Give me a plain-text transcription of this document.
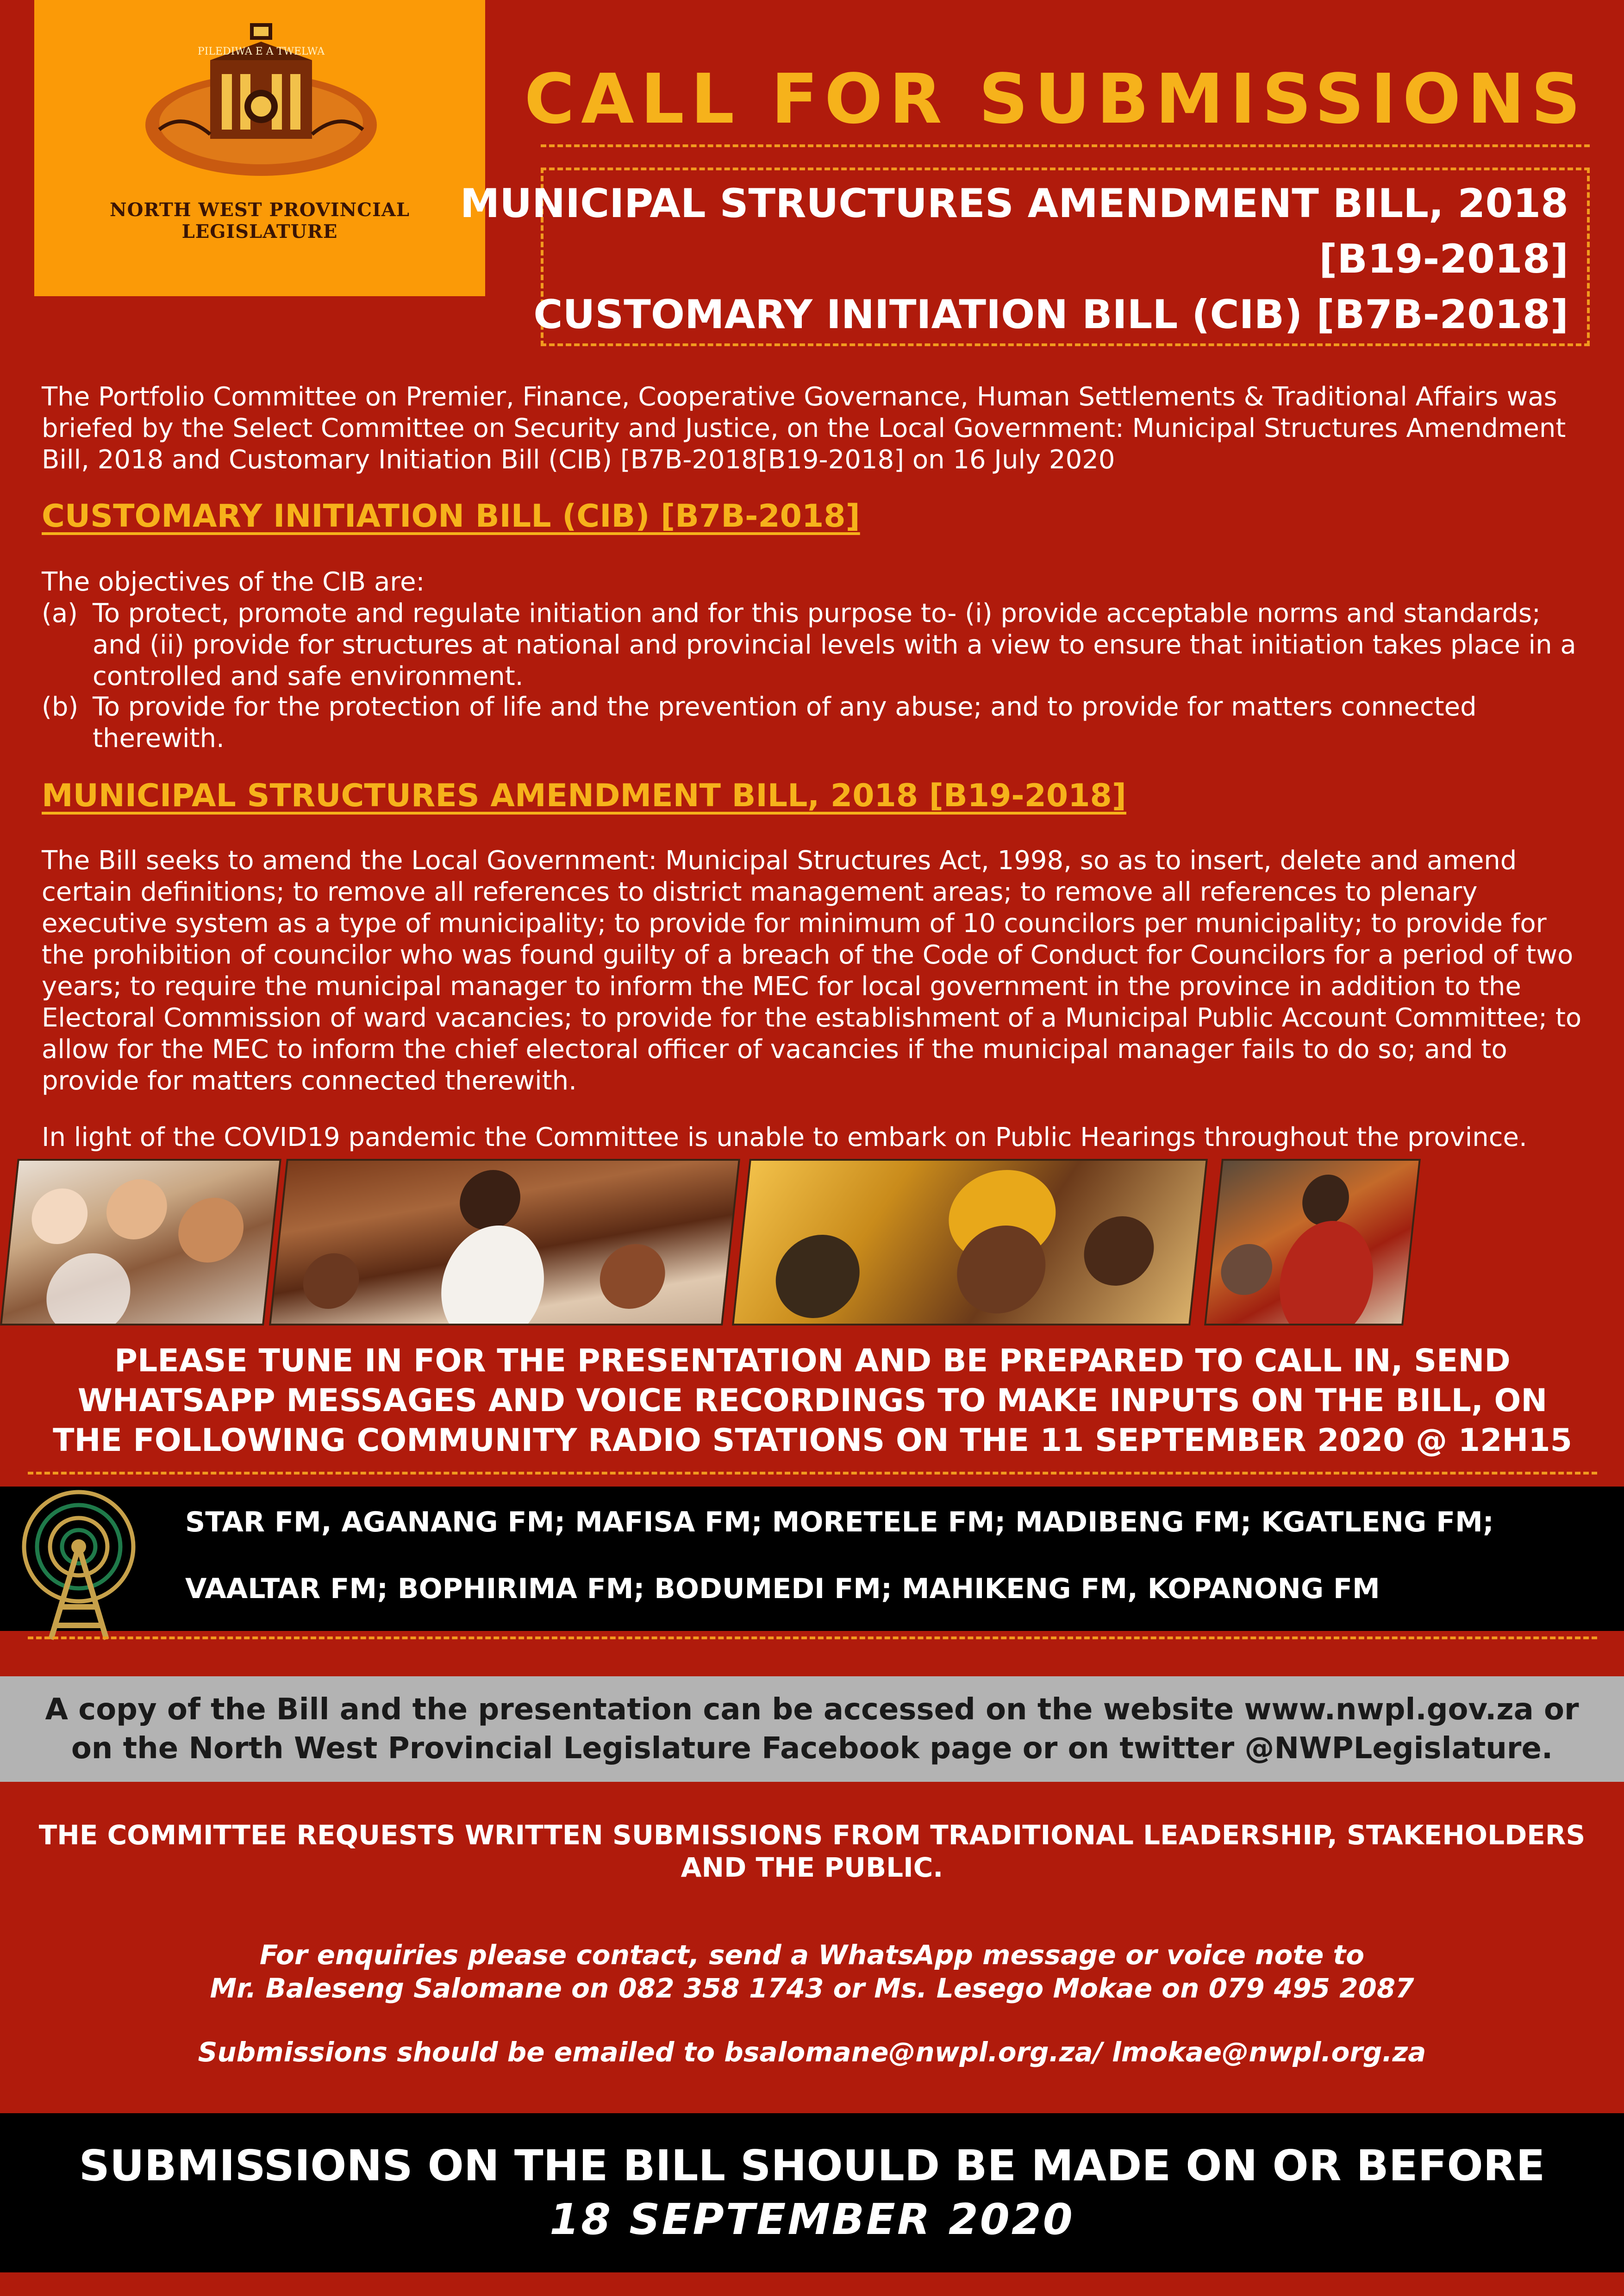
PILEDIWA E A TWELWA
NORTH WEST PROVINCIAL LEGISLATURE
CALL FOR SUBMISSIONS
MUNICIPAL STRUCTURES AMENDMENT BILL, 2018
[B19-2018]
CUSTOMARY INITIATION BILL (CIB) [B7B-2018]
The Portfolio Committee on Premier, Finance, Cooperative Governance, Human Settlements & Traditional Affairs was briefed by the Select Committee on Security and Justice, on the Local Government: Municipal Structures Amendment Bill, 2018 and Customary Initiation Bill (CIB) [B7B-2018[B19-2018] on 16 July 2020
CUSTOMARY INITIATION BILL (CIB) [B7B-2018]
The objectives of the CIB are:
(a) To protect, promote and regulate initiation and for this purpose to- (i) provide acceptable norms and standards; and (ii) provide for structures at national and provincial levels with a view to ensure that initiation takes place in a controlled and safe environment.
(b) To provide for the protection of life and the prevention of any abuse; and to provide for matters connected therewith.
MUNICIPAL STRUCTURES AMENDMENT BILL, 2018 [B19-2018]
The Bill seeks to amend the Local Government: Municipal Structures Act, 1998, so as to insert, delete and amend certain definitions; to remove all references to district management areas; to remove all references to plenary executive system as a type of municipality; to provide for minimum of 10 councilors per municipality; to provide for the prohibition of councilor who was found guilty of a breach of the Code of Conduct for Councilors for a period of two years; to require the municipal manager to inform the MEC for local government in the province in addition to the Electoral Commission of ward vacancies; to provide for the establishment of a Municipal Public Account Committee; to allow for the MEC to inform the chief electoral officer of vacancies if the municipal manager fails to do so; and to provide for matters connected therewith.
In light of the COVID19 pandemic the Committee is unable to embark on Public Hearings throughout the province.
PLEASE TUNE IN FOR THE PRESENTATION AND BE PREPARED TO CALL IN, SEND WHATSAPP MESSAGES AND VOICE RECORDINGS TO MAKE INPUTS ON THE BILL, ON THE FOLLOWING COMMUNITY RADIO STATIONS ON THE 11 SEPTEMBER 2020 @ 12H15
STAR FM, AGANANG FM; MAFISA FM; MORETELE FM; MADIBENG FM; KGATLENG FM;
VAALTAR FM; BOPHIRIMA FM; BODUMEDI FM; MAHIKENG FM, KOPANONG FM
A copy of the Bill and the presentation can be accessed on the website www.nwpl.gov.za or on the North West Provincial Legislature Facebook page or on twitter @NWPLegislature.
THE COMMITTEE REQUESTS WRITTEN SUBMISSIONS FROM TRADITIONAL LEADERSHIP, STAKEHOLDERS AND THE PUBLIC.
For enquiries please contact, send a WhatsApp message or voice note to
Mr. Baleseng Salomane on 082 358 1743 or Ms. Lesego Mokae on 079 495 2087
Submissions should be emailed to bsalomane@nwpl.org.za/ lmokae@nwpl.org.za
SUBMISSIONS ON THE BILL SHOULD BE MADE ON OR BEFORE
18 SEPTEMBER 2020
